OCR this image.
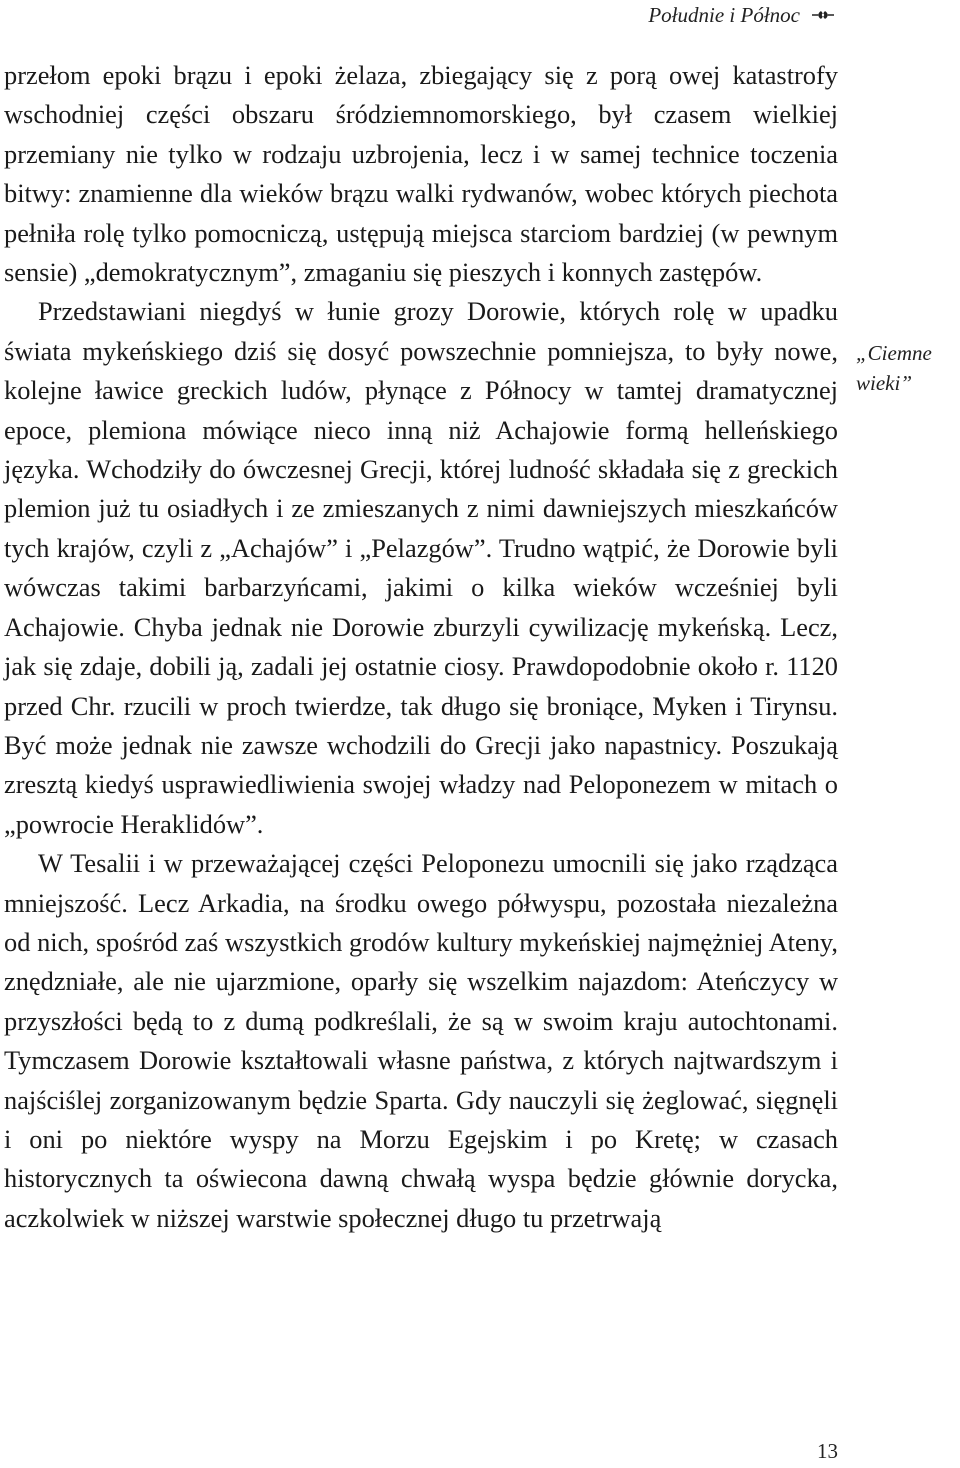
Południe i Północ

przełom epoki brązu i epoki żelaza, zbiegający się z porą owej katastrofy wschodniej części obszaru śródziemnomorskiego, był czasem wielkiej przemiany nie tylko w rodzaju uzbrojenia, lecz i w samej technice toczenia bitwy: znamienne dla wieków brązu walki rydwanów, wobec których piechota pełniła rolę tylko pomocniczą, ustępują miejsca starciom bardziej (w pewnym sensie) „demokratycznym”, zmaganiu się pieszych i konnych zastępów.

Przedstawiani niegdyś w łunie grozy Dorowie, których rolę w upadku świata mykeńskiego dziś się dosyć powszechnie pomniejsza, to były nowe, kolejne ławice greckich ludów, płynące z Północy w tamtej dramatycznej epoce, plemiona mówiące nieco inną niż Achajowie formą helleńskiego języka. Wchodziły do ówczesnej Grecji, której ludność składała się z greckich plemion już tu osiadłych i ze zmieszanych z nimi dawniejszych mieszkańców tych krajów, czyli z „Achajów” i „Pelazgów”. Trudno wątpić, że Dorowie byli wówczas takimi barbarzyńcami, jakimi o kilka wieków wcześniej byli Achajowie. Chyba jednak nie Dorowie zburzyli cywilizację mykeńską. Lecz, jak się zdaje, dobili ją, zadali jej ostatnie ciosy. Prawdopodobnie około r. 1120 przed Chr. rzucili w proch twierdze, tak długo się broniące, Myken i Tirynsu. Być może jednak nie zawsze wchodzili do Grecji jako napastnicy. Poszukają zresztą kiedyś usprawiedliwienia swojej władzy nad Peloponezem w mitach o „powrocie Heraklidów”.

W Tesalii i w przeważającej części Peloponezu umocnili się jako rządząca mniejszość. Lecz Arkadia, na środku owego półwyspu, pozostała niezależna od nich, spośród zaś wszystkich grodów kultury mykeńskiej najmężniej Ateny, znędzniałe, ale nie ujarzmione, oparły się wszelkim najazdom: Ateńczycy w przyszłości będą to z dumą podkreślali, że są w swoim kraju autochtonami. Tymczasem Dorowie kształtowali własne państwa, z których najtwardszym i najściślej zorganizowanym będzie Sparta. Gdy nauczyli się żeglować, sięgnęli i oni po niektóre wyspy na Morzu Egejskim i po Kretę; w czasach historycznych ta oświecona dawną chwałą wyspa będzie głównie dorycka, aczkolwiek w niższej warstwie społecznej długo tu przetrwają

„Ciemne
wieki”
13
